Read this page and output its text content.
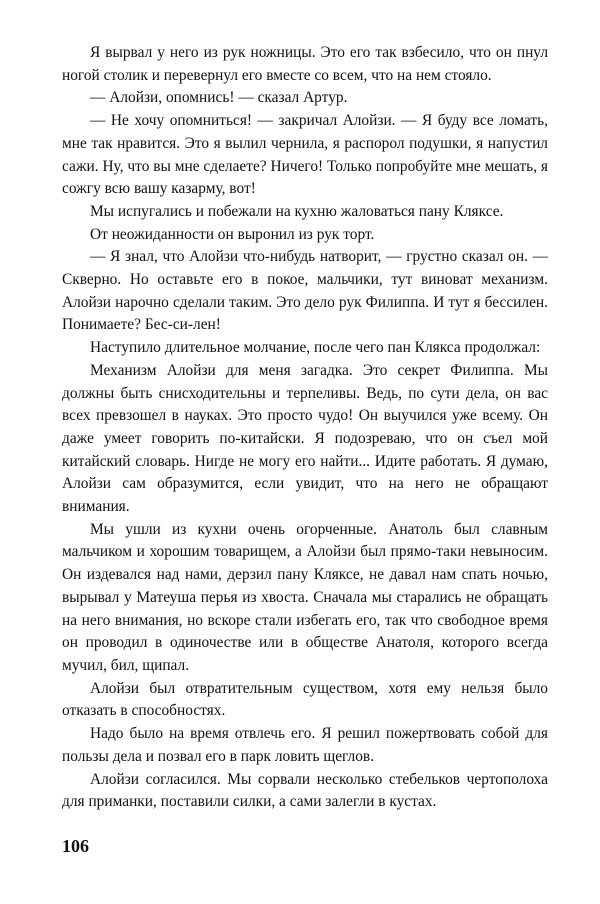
Я вырвал у него из рук ножницы. Это его так взбесило, что он пнул ногой столик и перевернул его вместе со всем, что на нем стояло.

— Алойзи, опомнись! — сказал Артур.

— Не хочу опомниться! — закричал Алойзи. — Я буду все ломать, мне так нравится. Это я вылил чернила, я распорол подушки, я напустил сажи. Ну, что вы мне сделаете? Ничего! Только попробуйте мне мешать, я сожгу всю вашу казарму, вот!

Мы испугались и побежали на кухню жаловаться пану Кляксе.

От неожиданности он выронил из рук торт.

— Я знал, что Алойзи что-нибудь натворит, — грустно сказал он. — Скверно. Но оставьте его в покое, мальчики, тут виноват механизм. Алойзи нарочно сделали таким. Это дело рук Филиппа. И тут я бессилен. Понимаете? Бес-си-лен!

Наступило длительное молчание, после чего пан Клякса продолжал:

Механизм Алойзи для меня загадка. Это секрет Филиппа. Мы должны быть снисходительны и терпеливы. Ведь, по сути дела, он вас всех превзошел в науках. Это просто чудо! Он выучился уже всему. Он даже умеет говорить по-китайски. Я подозреваю, что он съел мой китайский словарь. Нигде не могу его найти... Идите работать. Я думаю, Алойзи сам образумится, если увидит, что на него не обращают внимания.

Мы ушли из кухни очень огорченные. Анатоль был славным мальчиком и хорошим товарищем, а Алойзи был прямо-таки невыносим. Он издевался над нами, дерзил пану Кляксе, не давал нам спать ночью, вырывал у Матеуша перья из хвоста. Сначала мы старались не обращать на него внимания, но вскоре стали избегать его, так что свободное время он проводил в одиночестве или в обществе Анатоля, которого всегда мучил, бил, щипал.

Алойзи был отвратительным существом, хотя ему нельзя было отказать в способностях.

Надо было на время отвлечь его. Я решил пожертвовать собой для пользы дела и позвал его в парк ловить щеглов.

Алойзи согласился. Мы сорвали несколько стебельков чертополоха для приманки, поставили силки, а сами залегли в кустах.

106
